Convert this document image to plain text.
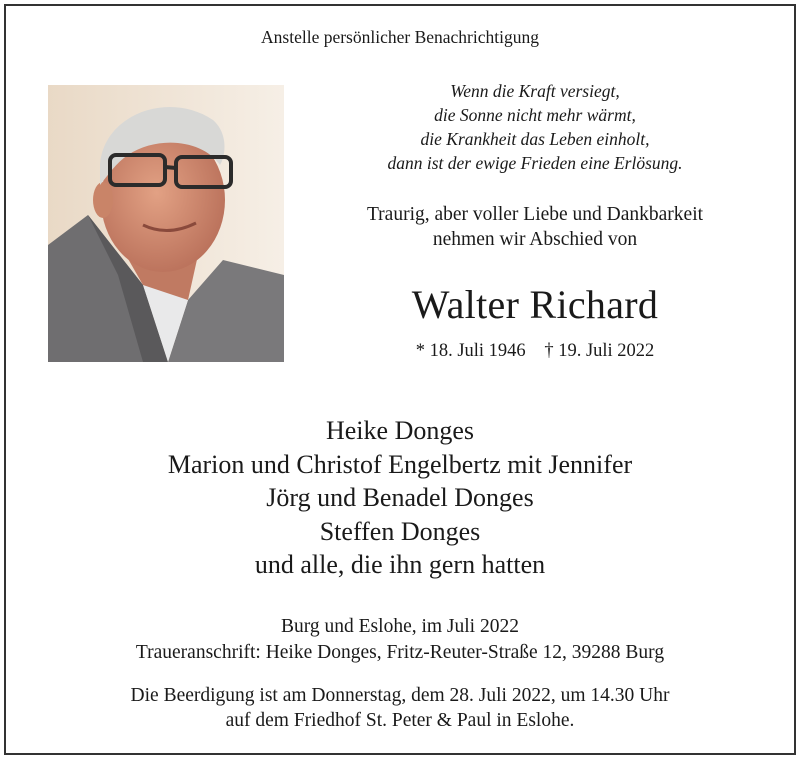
Anstelle persönlicher Benachrichtigung
Wenn die Kraft versiegt,
die Sonne nicht mehr wärmt,
die Krankheit das Leben einholt,
dann ist der ewige Frieden eine Erlösung.
Traurig, aber voller Liebe und Dankbarkeit
nehmen wir Abschied von
Walter Richard
* 18. Juli 1946 † 19. Juli 2022
Heike Donges
Marion und Christof Engelbertz mit Jennifer
Jörg und Benadel Donges
Steffen Donges
und alle, die ihn gern hatten
Burg und Eslohe, im Juli 2022
Traueranschrift: Heike Donges, Fritz-Reuter-Straße 12, 39288 Burg
Die Beerdigung ist am Donnerstag, dem 28. Juli 2022, um 14.30 Uhr
auf dem Friedhof St. Peter & Paul in Eslohe.
